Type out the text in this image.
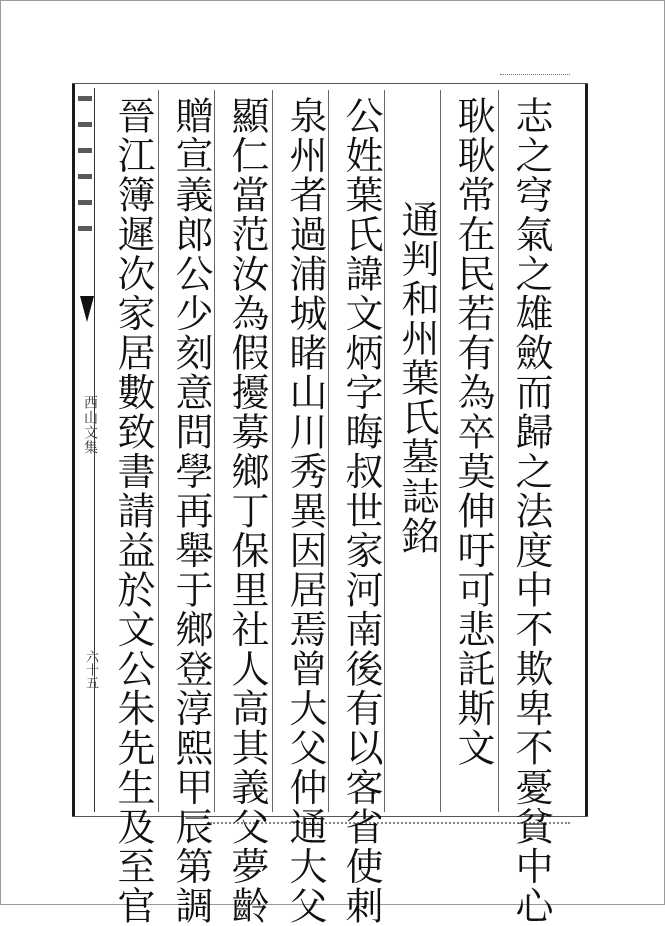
西山文集
六十五	志之穹氣之雄斂而歸之法度中不欺卑不憂貧中心
耿耿常在民若有為卒莫伸吁可悲託斯文
通判和州葉氏墓誌銘
公姓葉氏諱文炳字晦叔世家河南後有以客省使刺
泉州者過浦城睹山川秀異因居焉曾大父仲通大父
顯仁當范汝為假擾募鄉丁保里社人高其義父夢齡
贈宣義郎公少刻意問學再舉于鄉登淳熙甲辰第調
晉江簿遲次家居數致書請益於文公朱先生及至官
